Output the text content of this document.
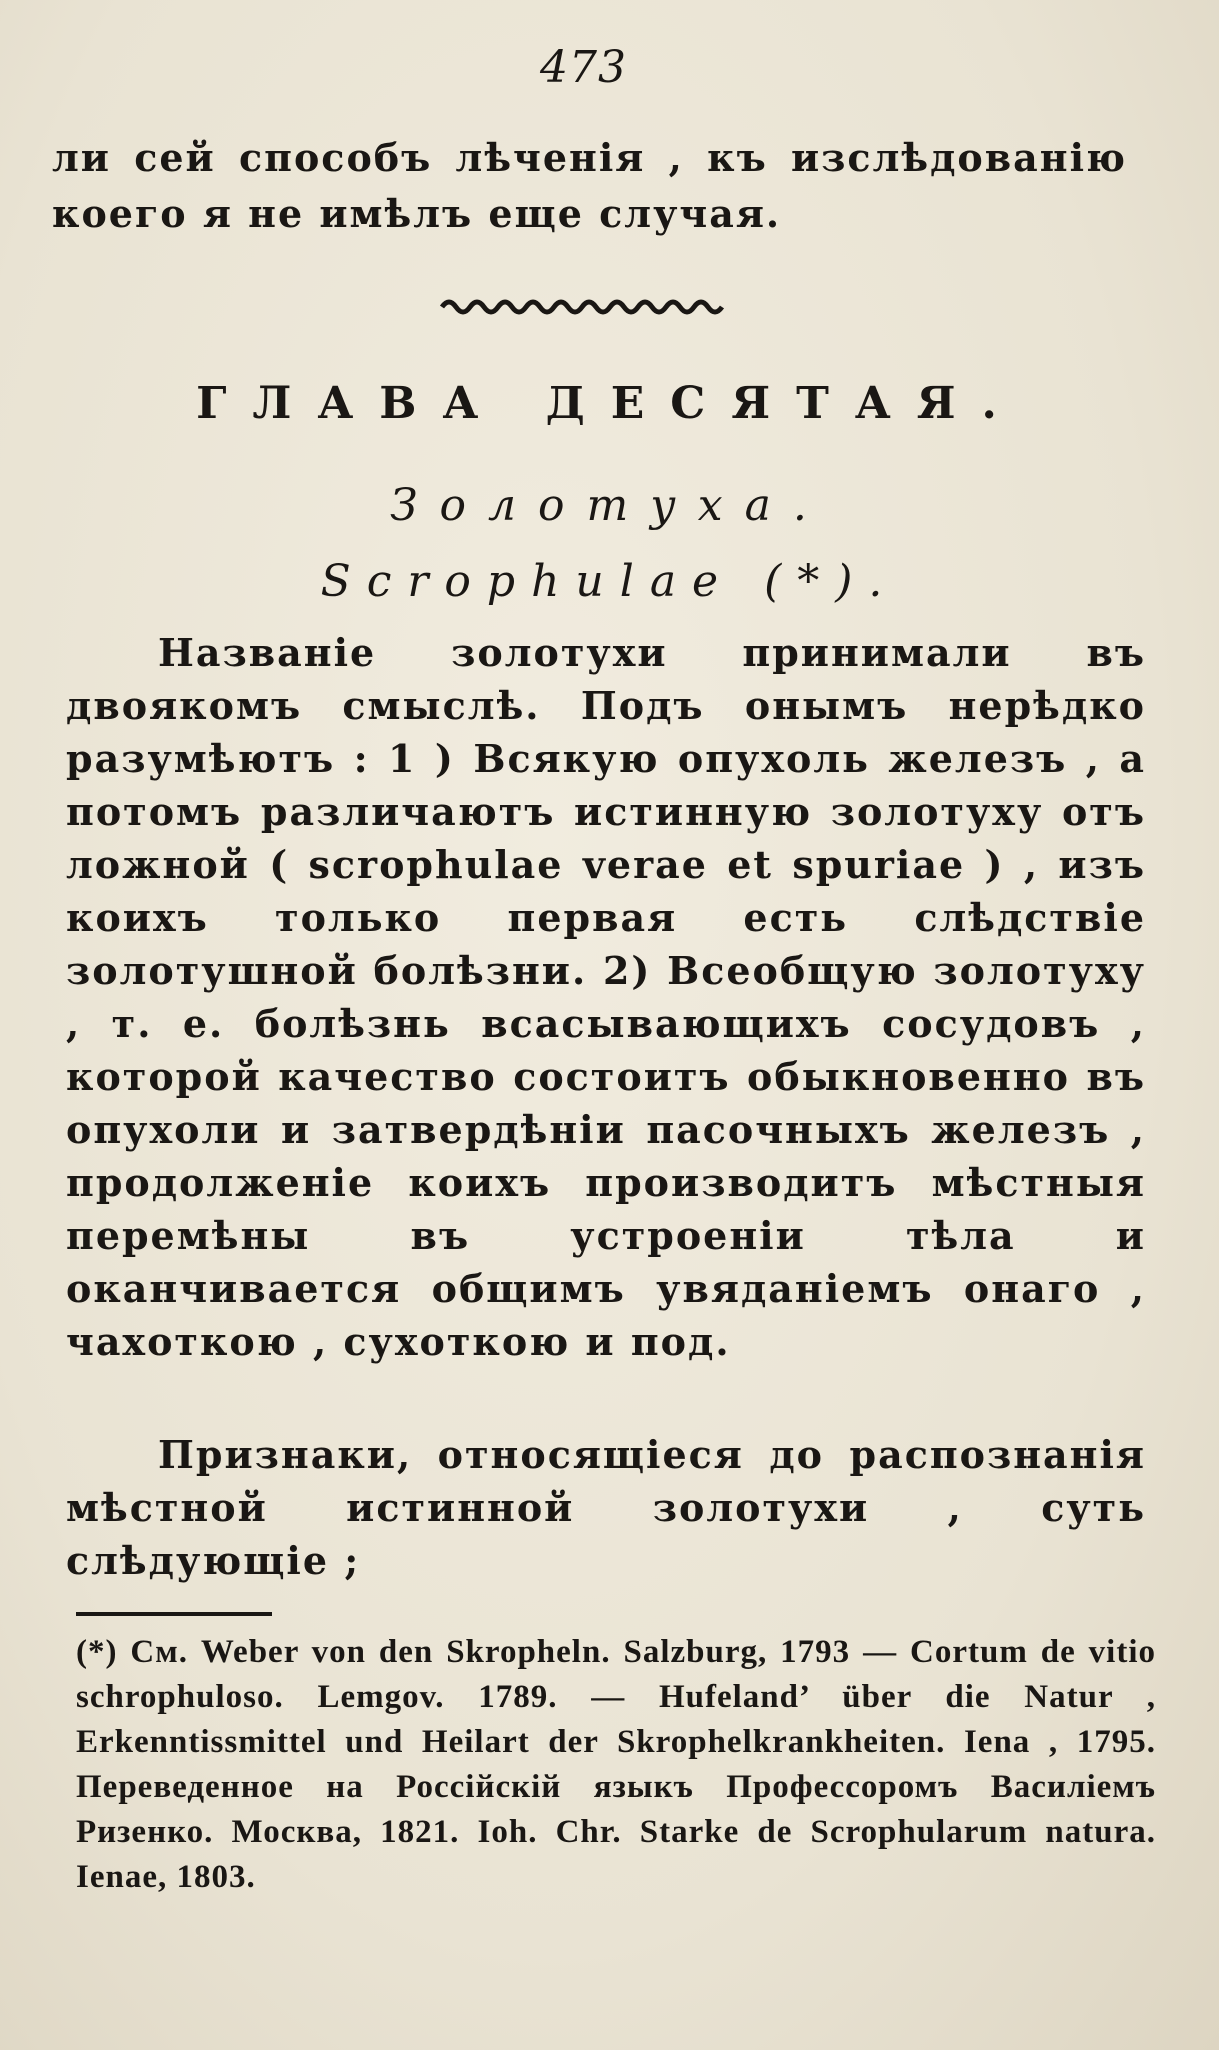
473
ли сей способъ лѣченія , къ изслѣдованію коего я не имѣлъ еще случая.
ГЛАВА ДЕСЯТАЯ.
Золотуха.
Scrophulae (*).

Названіе золотухи принимали въ двоякомъ смыслѣ. Подъ онымъ нерѣдко разумѣютъ : 1 ) Всякую опухоль железъ , а потомъ различаютъ истинную золотуху отъ ложной ( scrophulae verae et spuriae ) , изъ коихъ только первая есть слѣдствіе золотушной болѣзни. 2) Всеобщую золотуху , т. е. болѣзнь всасывающихъ сосудовъ , которой качество состоитъ обыкновенно въ опухоли и затвердѣніи пасочныхъ железъ , продолженіе коихъ производитъ мѣстныя перемѣны въ устроеніи тѣла и оканчивается общимъ увяданіемъ онаго , чахоткою , сухоткою и под.

Признаки, относящіеся до распознанія мѣстной истинной золотухи , суть слѣдующіе ;

(*) См. Weber von den Skropheln. Salzburg, 1793 — Cortum de vitio schrophuloso. Lemgov. 1789. — Hufeland’ über die Natur , Erkenntissmittel und Heilart der Skrophelkrankheiten. Iena , 1795. Переведенное на Россійскій языкъ Профессоромъ Василіемъ Ризенко. Москва, 1821. Ioh. Chr. Starke de Scrophularum natura. Ienae, 1803.
